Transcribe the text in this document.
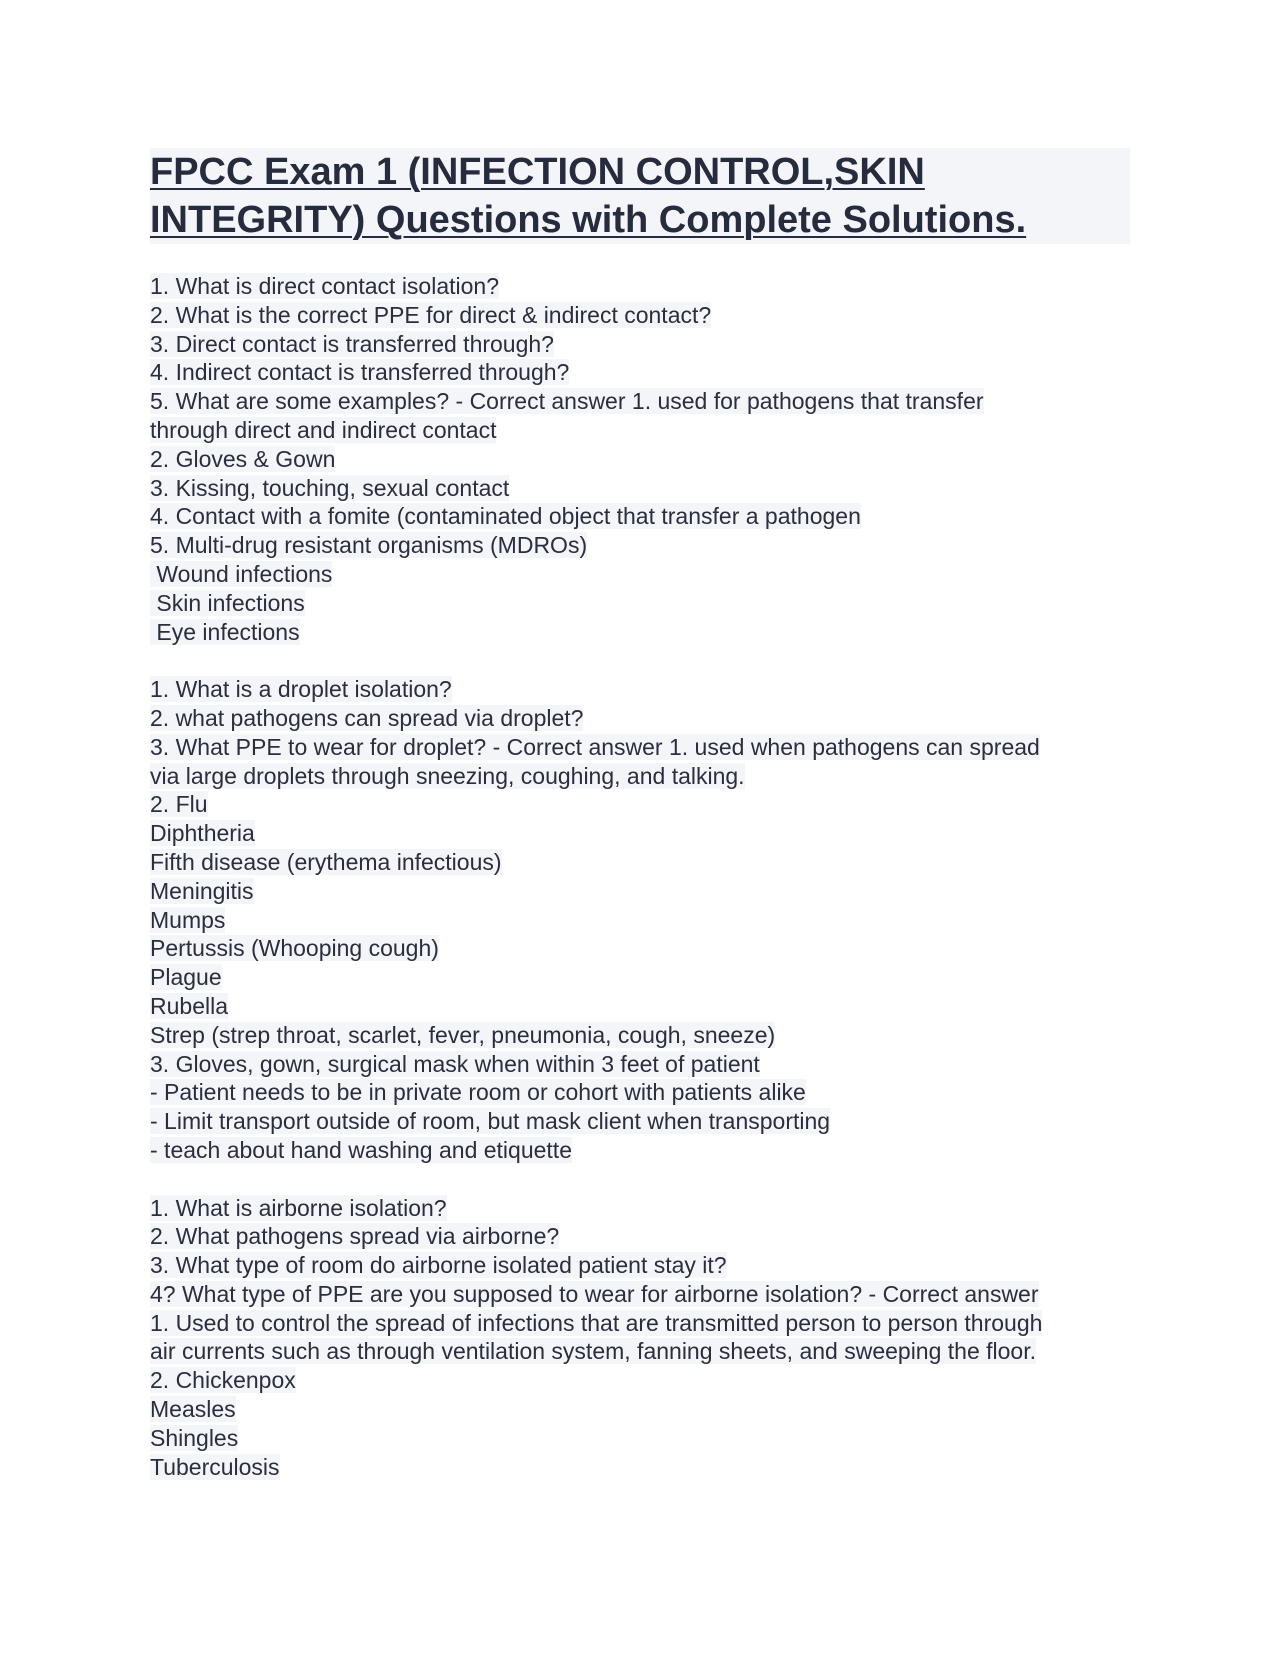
FPCC Exam 1 (INFECTION CONTROL,SKIN
INTEGRITY) Questions with Complete Solutions.
1. What is direct contact isolation?
2. What is the correct PPE for direct & indirect contact?
3. Direct contact is transferred through?
4. Indirect contact is transferred through?
5. What are some examples? - Correct answer 1. used for pathogens that transfer
through direct and indirect contact
2. Gloves & Gown
3. Kissing, touching, sexual contact
4. Contact with a fomite (contaminated object that transfer a pathogen
5. Multi-drug resistant organisms (MDROs)
Wound infections
Skin infections
Eye infections
1. What is a droplet isolation?
2. what pathogens can spread via droplet?
3. What PPE to wear for droplet? - Correct answer 1. used when pathogens can spread
via large droplets through sneezing, coughing, and talking.
2. Flu
Diphtheria
Fifth disease (erythema infectious)
Meningitis
Mumps
Pertussis (Whooping cough)
Plague
Rubella
Strep (strep throat, scarlet, fever, pneumonia, cough, sneeze)
3. Gloves, gown, surgical mask when within 3 feet of patient
- Patient needs to be in private room or cohort with patients alike
- Limit transport outside of room, but mask client when transporting
- teach about hand washing and etiquette
1. What is airborne isolation?
2. What pathogens spread via airborne?
3. What type of room do airborne isolated patient stay it?
4? What type of PPE are you supposed to wear for airborne isolation? - Correct answer
1. Used to control the spread of infections that are transmitted person to person through
air currents such as through ventilation system, fanning sheets, and sweeping the floor.
2. Chickenpox
Measles
Shingles
Tuberculosis
